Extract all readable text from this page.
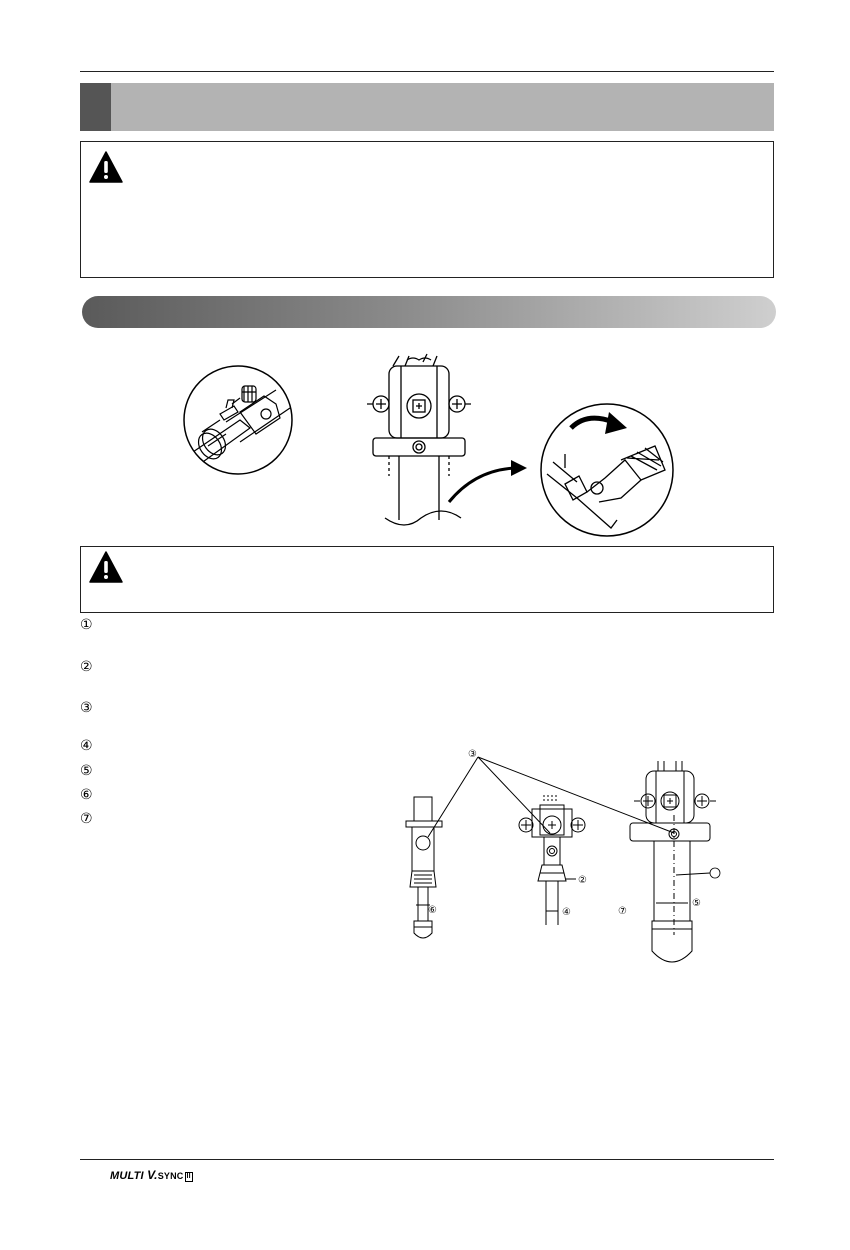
①
②
③
④
⑤
⑥
⑦
③
②
④
⑥
⑤
⑦
MULTI V.SYNC II
